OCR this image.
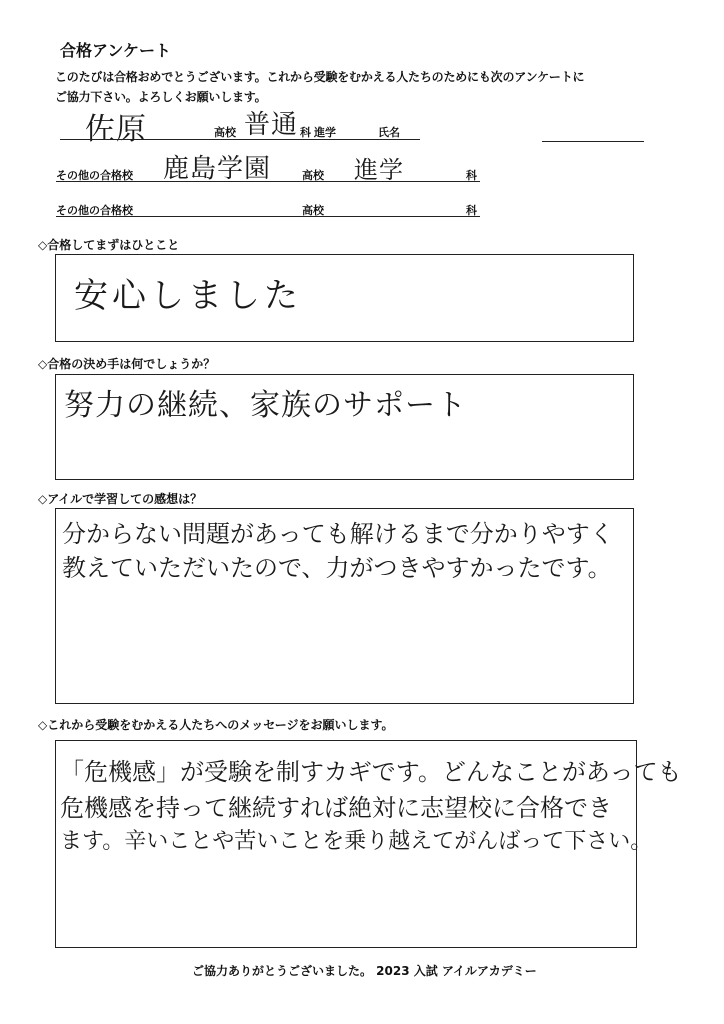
合格アンケート
このたびは合格おめでとうございます。これから受験をむかえる人たちのためにも次のアンケートに
ご協力下さい。よろしくお願いします。
佐原	高校 普通 科 進学	氏名
その他の合格校 鹿島学園	高校 進学	科
その他の合格校	高校	科
◇合格してまずはひとこと
安心しました
◇合格の決め手は何でしょうか？
努力の継続、家族のサポート
◇アイルで学習しての感想は？
分からない問題があっても解けるまで分かりやすく
教えていただいたので、力がつきやすかったです。
◇これから受験をむかえる人たちへのメッセージをお願いします。
「危機感」が受験を制すカギです。どんなことがあっても
危機感を持って継続すれば絶対に志望校に合格でき
ます。辛いことや苦いことを乗り越えてがんばって下さい。
ご協力ありがとうございました。 2023 入試 アイルアカデミー
